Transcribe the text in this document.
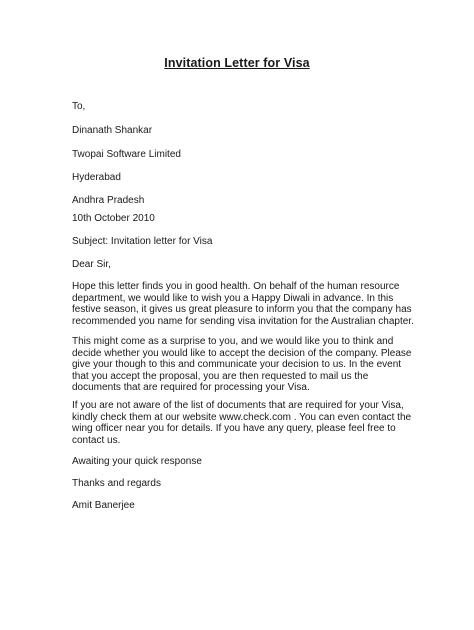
Invitation Letter for Visa
To,
Dinanath Shankar
Twopai Software Limited
Hyderabad
Andhra Pradesh
10th October 2010
Subject: Invitation letter for Visa
Dear Sir,
Hope this letter finds you in good health. On behalf of the human resource
department, we would like to wish you a Happy Diwali in advance. In this
festive season, it gives us great pleasure to inform you that the company has
recommended you name for sending visa invitation for the Australian chapter.
This might come as a surprise to you, and we would like you to think and
decide whether you would like to accept the decision of the company. Please
give your though to this and communicate your decision to us. In the event
that you accept the proposal, you are then requested to mail us the
documents that are required for processing your Visa.
If you are not aware of the list of documents that are required for your Visa,
kindly check them at our website www.check.com . You can even contact the
wing officer near you for details. If you have any query, please feel free to
contact us.
Awaiting your quick response
Thanks and regards
Amit Banerjee
